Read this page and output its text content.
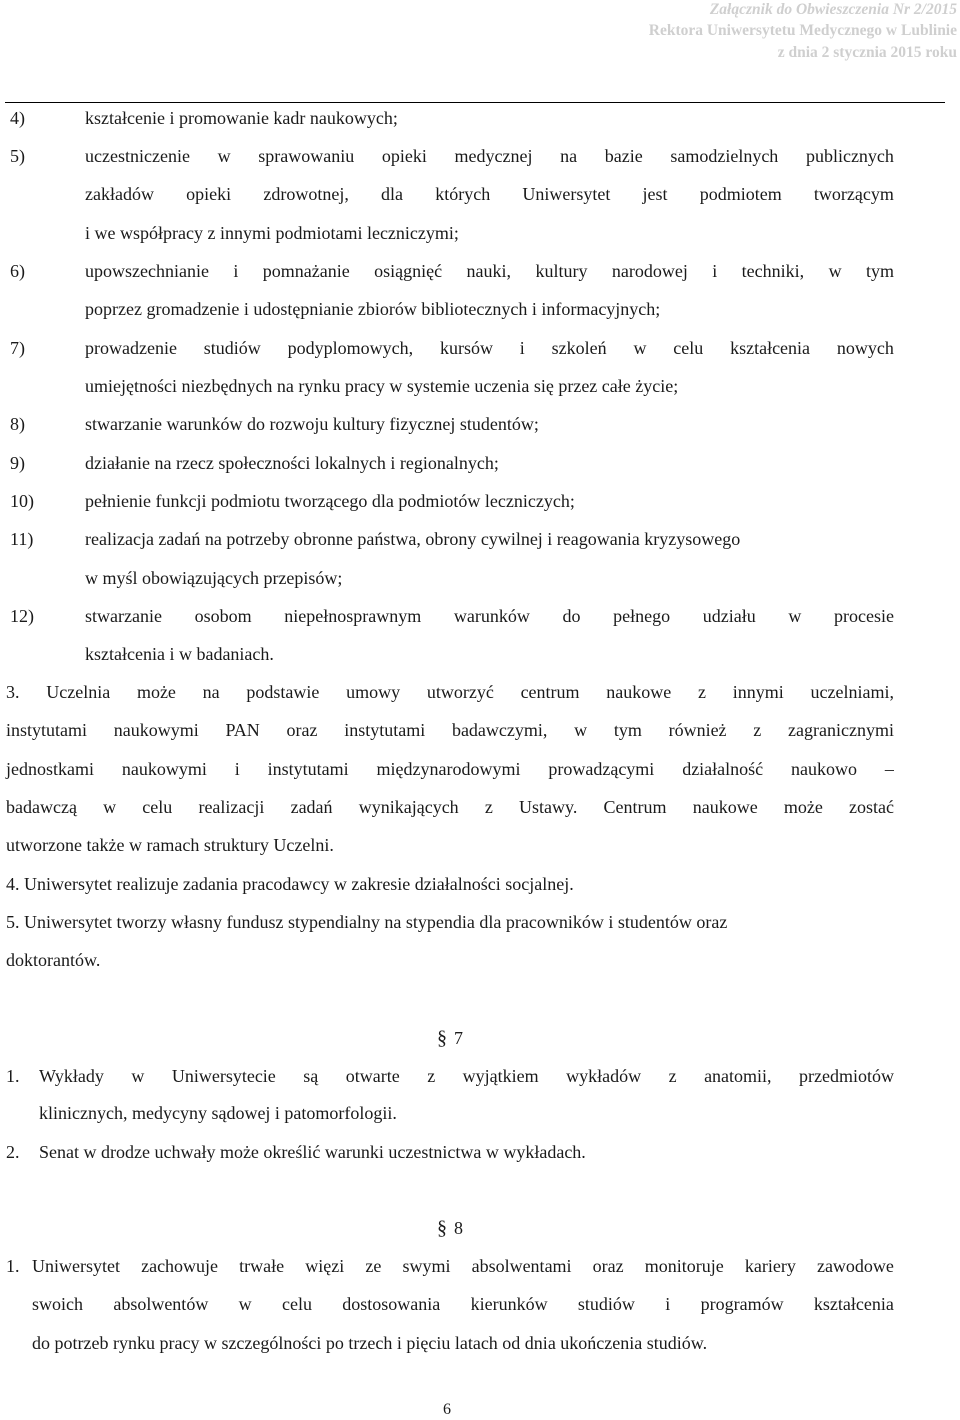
Załącznik do Obwieszczenia Nr 2/2015
Rektora Uniwersytetu Medycznego w Lublinie
z dnia 2 stycznia 2015 roku
4)	kształcenie i promowanie kadr naukowych;
5)	uczestniczenie w sprawowaniu opieki medycznej na bazie samodzielnych publicznych
zakładów opieki zdrowotnej, dla których Uniwersytet jest podmiotem tworzącym
i we współpracy z innymi podmiotami leczniczymi;
6)	upowszechnianie i pomnażanie osiągnięć nauki, kultury narodowej i techniki, w tym
poprzez gromadzenie i udostępnianie zbiorów bibliotecznych i informacyjnych;
7)	prowadzenie studiów podyplomowych, kursów i szkoleń w celu kształcenia nowych
umiejętności niezbędnych na rynku pracy w systemie uczenia się przez całe życie;
8)	stwarzanie warunków do rozwoju kultury fizycznej studentów;
9)	działanie na rzecz społeczności lokalnych i regionalnych;
10)	pełnienie funkcji podmiotu tworzącego dla podmiotów leczniczych;
11)	realizacja zadań na potrzeby obronne państwa, obrony cywilnej i reagowania kryzysowego
w myśl obowiązujących przepisów;
12)	stwarzanie osobom niepełnosprawnym warunków do pełnego udziału w procesie
kształcenia i w badaniach.
3. Uczelnia może na podstawie umowy utworzyć centrum naukowe z innymi uczelniami,
instytutami naukowymi PAN oraz instytutami badawczymi, w tym również z zagranicznymi
jednostkami naukowymi i instytutami międzynarodowymi prowadzącymi działalność naukowo –
badawczą w celu realizacji zadań wynikających z Ustawy. Centrum naukowe może zostać
utworzone także w ramach struktury Uczelni.
4. Uniwersytet realizuje zadania pracodawcy w zakresie działalności socjalnej.
5. Uniwersytet tworzy własny fundusz stypendialny na stypendia dla pracowników i studentów oraz
doktorantów.
§ 7
1. Wykłady w Uniwersytecie są otwarte z wyjątkiem wykładów z anatomii, przedmiotów
klinicznych, medycyny sądowej i patomorfologii.
2. Senat w drodze uchwały może określić warunki uczestnictwa w wykładach.
§ 8
1. Uniwersytet zachowuje trwałe więzi ze swymi absolwentami oraz monitoruje kariery zawodowe
swoich absolwentów w celu dostosowania kierunków studiów i programów kształcenia
do potrzeb rynku pracy w szczególności po trzech i pięciu latach od dnia ukończenia studiów.
6
